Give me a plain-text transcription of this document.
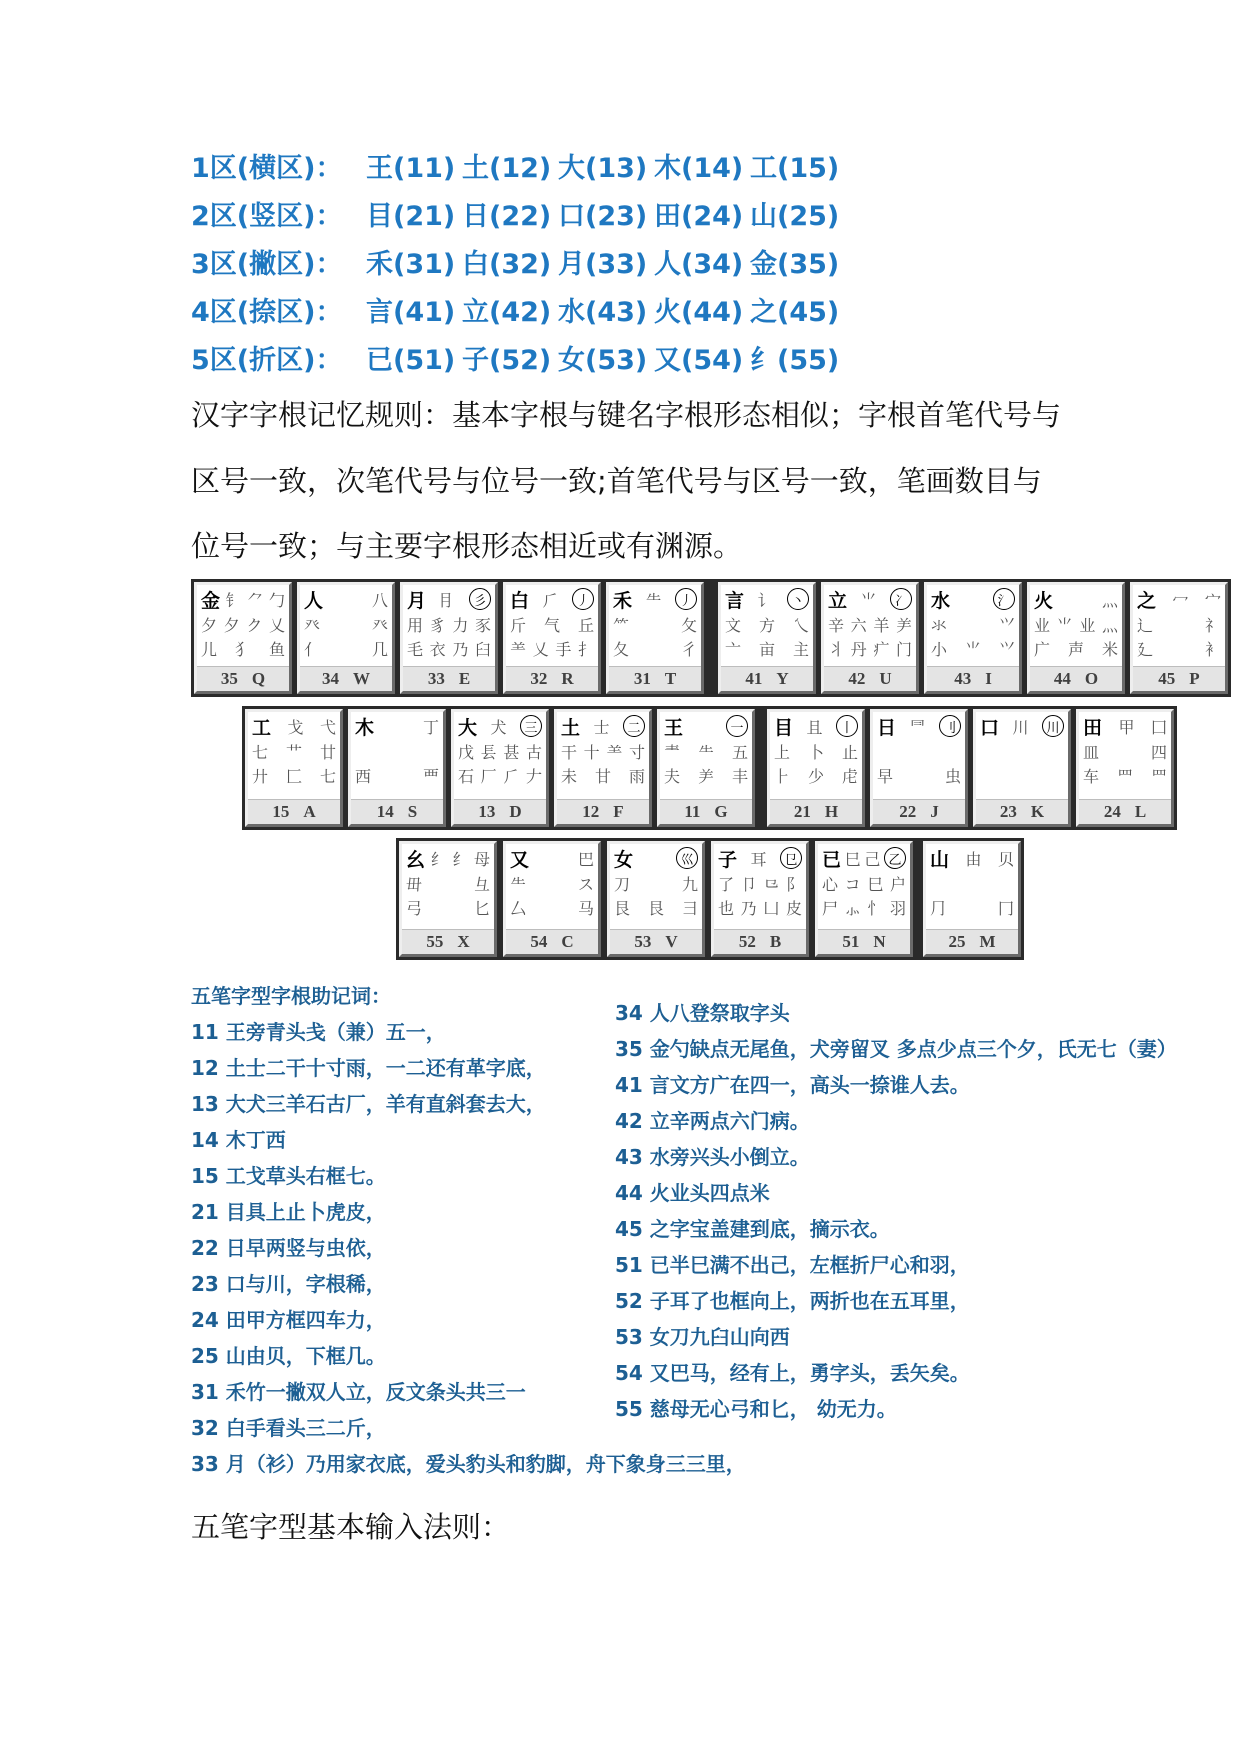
1区(横区)： 王(11) 土(12) 大(13) 木(14) 工(15)
2区(竖区)： 目(21) 日(22) 口(23) 田(24) 山(25)
3区(撇区)： 禾(31) 白(32) 月(33) 人(34) 金(35)
4区(捺区)： 言(41) 立(42) 水(43) 火(44) 之(45)
5区(折区)： 已(51) 子(52) 女(53) 又(54) 纟(55)
汉字字根记忆规则：基本字根与键名字根形态相似；字根首笔代号与
区号一致，次笔代号与位号一致;首笔代号与区号一致，笔画数目与
位号一致；与主要字根形态相近或有渊源。
金 钅 ⺈ 勹
夕 夕 ク 乂
儿 犭 鱼
35 Q
人	八
癶	癶
亻	几
34 W
月 ⺝	彡
用 豸 力 豕
毛 衣 乃 臼
33 E
白 ⺁	丿
斤 气 丘
⺷ 乂 手 扌
32 R
禾 ⺧	丿
⺮	攵
夂	彳
31 T
言 讠	丶
文 方 乀
亠 亩 主
41 Y
立 ⺌	冫
辛 六 羊 ⺶
丬 丹 疒 门
42 U
水	氵
氺	⺍
小 ⺌ ⺍
43 I
火	灬
业 ⺌ 业 ⺣
广 声 米
44 O
之 冖 宀
辶	礻
廴	衤
45 P
工 戈 弋
七 艹 廿
廾 匚 七
15 A
木	丁
西	覀
14 S
大 犬	三
戊 镸 甚 古
石 厂 ⺁ 𠂇
13 D
土 士	二
干 十 ⺷ 寸
未 甘 雨
12 F
王	一
龶 ⺧ 五
夫 ⺶ 丰
11 G
目 且	丨
上 卜 止
⺊ 少 虍
21 H
日 ⺜	刂
早	虫
22 J
口 川	川
23 K
田 甲 囗
皿	四
车 罒 ⺲
24 L
幺 纟 纟 母
毌	彑
弓	匕
55 X
又	巴
⺧	ス
厶	马
54 C
女	巛
刀	九
艮 艮 彐
53 V
子 耳	㔾
了 卩 ⺋ 阝
也 乃 凵 皮
52 B
已 巳 己 乙
心 コ 巳 户
尸 ⺗ 忄 羽
51 N
山 由 贝
⺆	冂
25 M
五笔字型字根助记词：
11 王旁青头戋（兼）五一，
12 土士二干十寸雨，一二还有革字底，
13 大犬三羊石古厂，羊有直斜套去大，
14 木丁西
15 工戈草头右框七。
21 目具上止卜虎皮，
22 日早两竖与虫依，
23 口与川，字根稀，
24 田甲方框四车力，
25 山由贝，下框几。
31 禾竹一撇双人立，反文条头共三一
32 白手看头三二斤，
33 月（衫）乃用家衣底，爱头豹头和豹脚，舟下象身三三里，
34 人八登祭取字头
35 金勺缺点无尾鱼，犬旁留叉 多点少点三个夕，氏无七（妻）
41 言文方广在四一，高头一捺谁人去。
42 立辛两点六门病。
43 水旁兴头小倒立。
44 火业头四点米
45 之字宝盖建到底，摘示衣。
51 已半巳满不出己，左框折尸心和羽，
52 子耳了也框向上，两折也在五耳里，
53 女刀九臼山向西
54 又巴马，经有上，勇字头，丢矢矣。
55 慈母无心弓和匕， 幼无力。
五笔字型基本输入法则：
